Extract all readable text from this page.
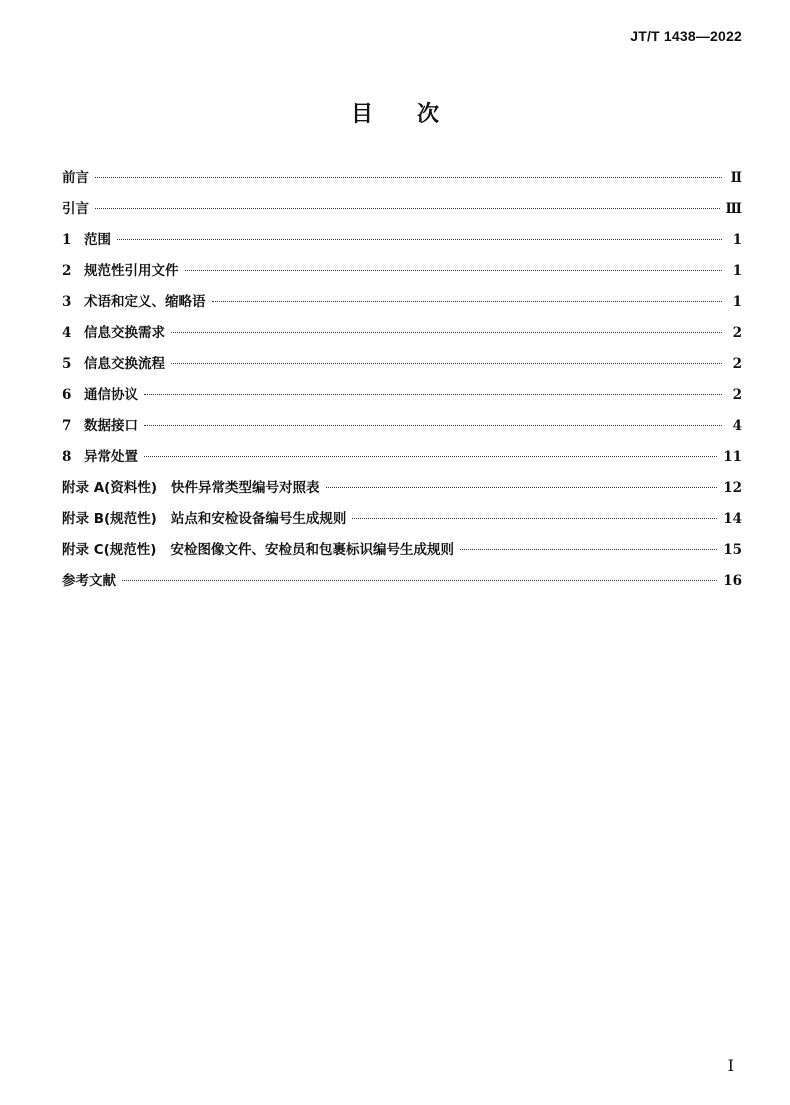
JT/T 1438—2022
目次
前言	Ⅱ
引言	Ⅲ
1 范围	1
2 规范性引用文件	1
3 术语和定义、缩略语	1
4 信息交换需求	2
5 信息交换流程	2
6 通信协议	2
7 数据接口	4
8 异常处置	11
附录 A(资料性) 快件异常类型编号对照表	12
附录 B(规范性) 站点和安检设备编号生成规则	14
附录 C(规范性) 安检图像文件、安检员和包裹标识编号生成规则	15
参考文献	16
I
